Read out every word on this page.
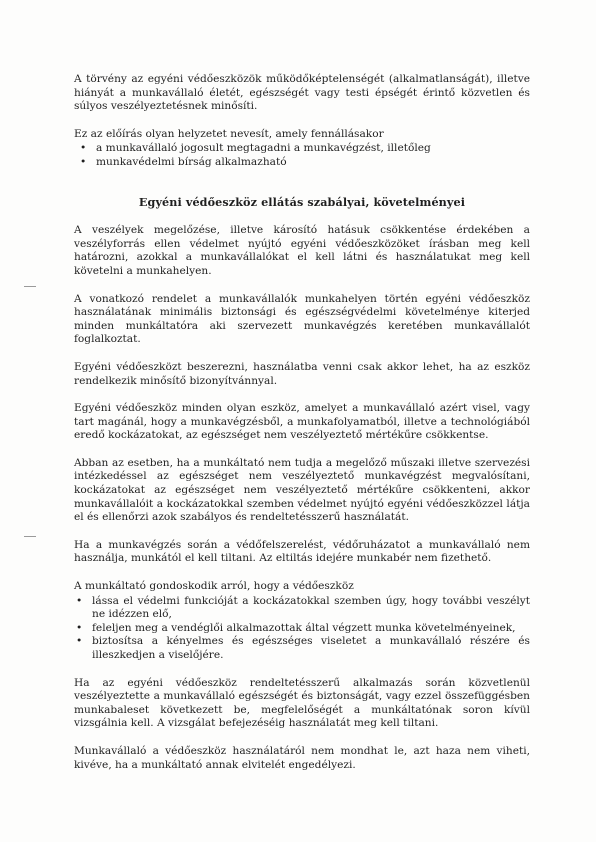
A törvény az egyéni védőeszközök működőképtelenségét (alkalmatlanságát), illetve hiányát a munkavállaló életét, egészségét vagy testi épségét érintő közvetlen és súlyos veszélyeztetésnek minősíti.

Ez az előírás olyan helyzetet nevesít, amely fennállásakor

• a munkavállaló jogosult megtagadni a munkavégzést, illetőleg
• munkavédelmi bírság alkalmazható
Egyéni védőeszköz ellátás szabályai, követelményei

A veszélyek megelőzése, illetve károsító hatásuk csökkentése érdekében a veszélyforrás ellen védelmet nyújtó egyéni védőeszközöket írásban meg kell határozni, azokkal a munkavállalókat el kell látni és használatukat meg kell követelni a munkahelyen.

A vonatkozó rendelet a munkavállalók munkahelyen történ egyéni védőeszköz használatának minimális biztonsági és egészségvédelmi követelménye kiterjed minden munkáltatóra aki szervezett munkavégzés keretében munkavállalót foglalkoztat.

Egyéni védőeszközt beszerezni, használatba venni csak akkor lehet, ha az eszköz rendelkezik minősítő bizonyítvánnyal.

Egyéni védőeszköz minden olyan eszköz, amelyet a munkavállaló azért visel, vagy tart magánál, hogy a munkavégzésből, a munkafolyamatból, illetve a technológiából eredő kockázatokat, az egészséget nem veszélyeztető mértékűre csökkentse.

Abban az esetben, ha a munkáltató nem tudja a megelőző műszaki illetve szervezési intézkedéssel az egészséget nem veszélyeztető munkavégzést megvalósítani, kockázatokat az egészséget nem veszélyeztető mértékűre csökkenteni, akkor munkavállalóit a kockázatokkal szemben védelmet nyújtó egyéni védőeszközzel látja el és ellenőrzi azok szabályos és rendeltetésszerű használatát.

Ha a munkavégzés során a védőfelszerelést, védőruházatot a munkavállaló nem használja, munkától el kell tiltani. Az eltiltás idejére munkabér nem fizethető.

A munkáltató gondoskodik arról, hogy a védőeszköz

• lássa el védelmi funkcióját a kockázatokkal szemben úgy, hogy további veszélyt ne idézzen elő,
• feleljen meg a vendéglői alkalmazottak által végzett munka követelményeinek,
• biztosítsa a kényelmes és egészséges viseletet a munkavállaló részére és illeszkedjen a viselőjére.

Ha az egyéni védőeszköz rendeltetésszerű alkalmazás során közvetlenül veszélyeztette a munkavállaló egészségét és biztonságát, vagy ezzel összefüggésben munkabaleset következett be, megfelelőségét a munkáltatónak soron kívül vizsgálnia kell. A vizsgálat befejezéséig használatát meg kell tiltani.

Munkavállaló a védőeszköz használatáról nem mondhat le, azt haza nem viheti, kivéve, ha a munkáltató annak elvitelét engedélyezi.
